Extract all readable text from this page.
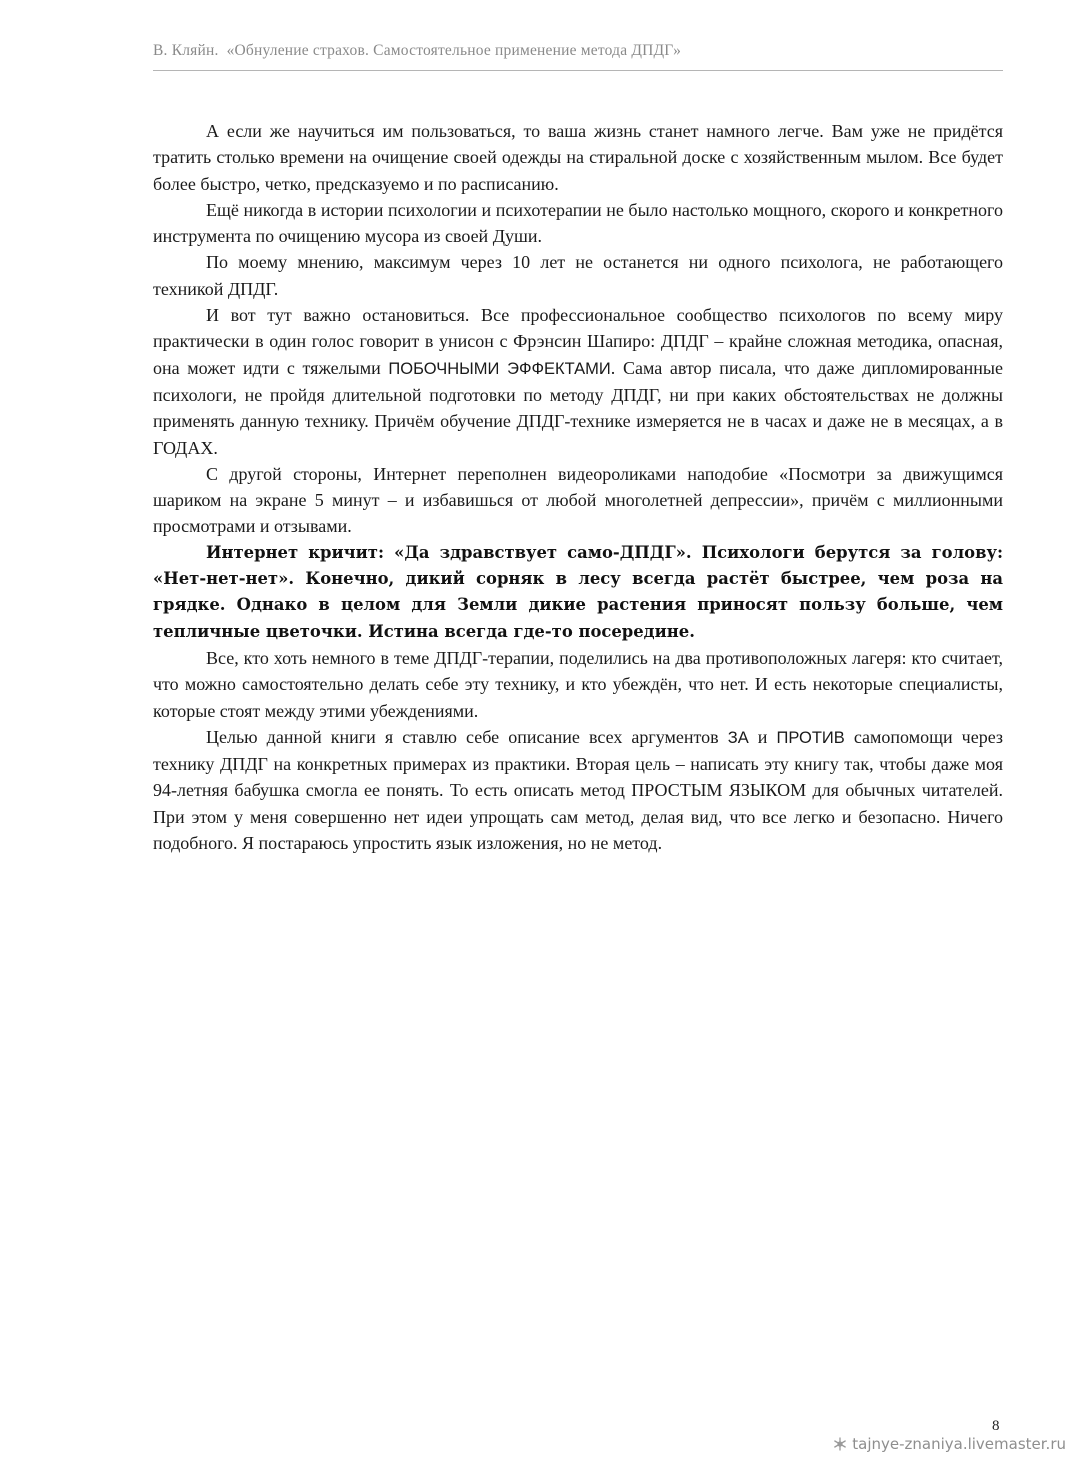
В. Кляйн. «Обнуление страхов. Самостоятельное применение метода ДПДГ»

А если же научиться им пользоваться, то ваша жизнь станет намного легче. Вам уже не придётся тратить столько времени на очищение своей одежды на стиральной доске с хозяйственным мылом. Все будет более быстро, четко, предсказуемо и по расписанию.

Ещё никогда в истории психологии и психотерапии не было настолько мощного, скорого и конкретного инструмента по очищению мусора из своей Души.

По моему мнению, максимум через 10 лет не останется ни одного психолога, не работающего техникой ДПДГ.

И вот тут важно остановиться. Все профессиональное сообщество психологов по всему миру практически в один голос говорит в унисон с Фрэнсин Шапиро: ДПДГ – крайне сложная методика, опасная, она может идти с тяжелыми ПОБОЧНЫМИ ЭФФЕКТАМИ. Сама автор писала, что даже дипломированные психологи, не пройдя длительной подготовки по методу ДПДГ, ни при каких обстоятельствах не должны применять данную технику. Причём обучение ДПДГ-технике измеряется не в часах и даже не в месяцах, а в ГОДАХ.

С другой стороны, Интернет переполнен видеороликами наподобие «Посмотри за движущимся шариком на экране 5 минут – и избавишься от любой многолетней депрессии», причём с миллионными просмотрами и отзывами.

Интернет кричит: «Да здравствует само-ДПДГ». Психологи берутся за голову: «Нет-нет-нет». Конечно, дикий сорняк в лесу всегда растёт быстрее, чем роза на грядке. Однако в целом для Земли дикие растения приносят пользу больше, чем тепличные цветочки. Истина всегда где-то посередине.

Все, кто хоть немного в теме ДПДГ-терапии, поделились на два противоположных лагеря: кто считает, что можно самостоятельно делать себе эту технику, и кто убеждён, что нет. И есть некоторые специалисты, которые стоят между этими убеждениями.

Целью данной книги я ставлю себе описание всех аргументов ЗА и ПРОТИВ самопомощи через технику ДПДГ на конкретных примерах из практики. Вторая цель – написать эту книгу так, чтобы даже моя 94-летняя бабушка смогла ее понять. То есть описать метод ПРОСТЫМ ЯЗЫКОМ для обычных читателей. При этом у меня совершенно нет идеи упрощать сам метод, делая вид, что все легко и безопасно. Ничего подобного. Я постараюсь упростить язык изложения, но не метод.

8
tajnye-znaniya.livemaster.ru
